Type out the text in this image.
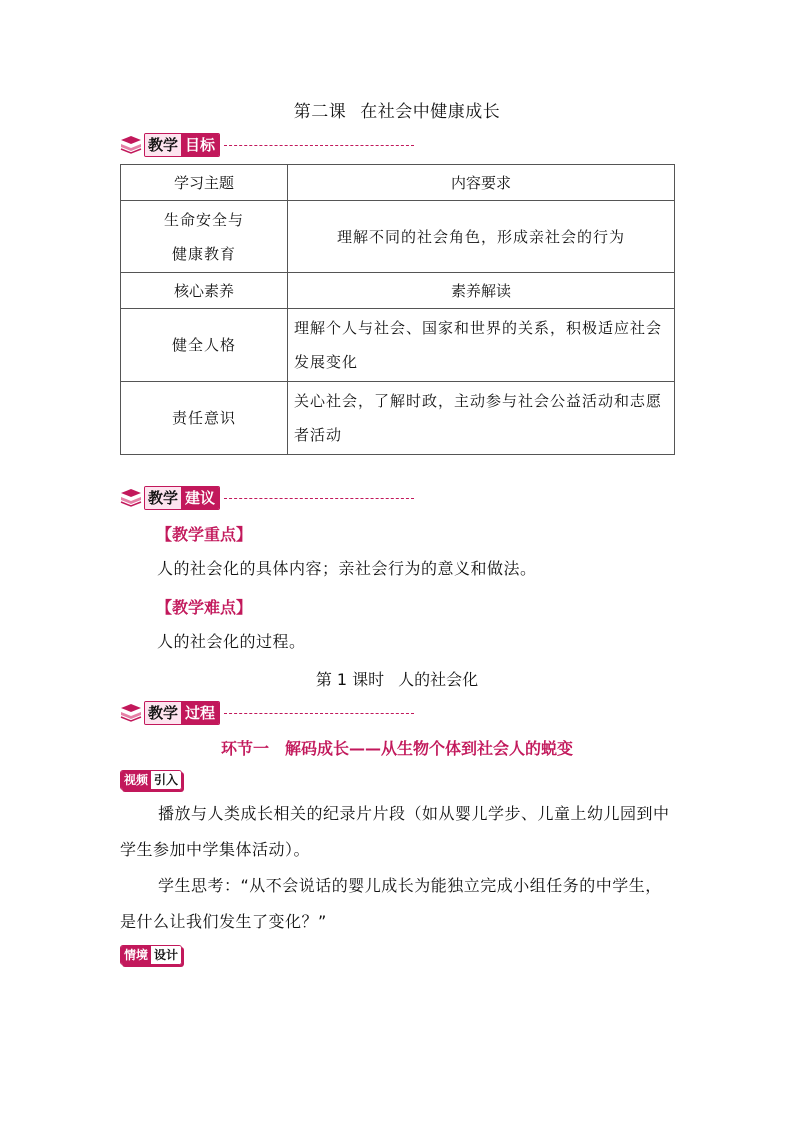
第二课 在社会中健康成长
教学 目标
学习主题	内容要求

生命安全与
健康教育	理解不同的社会角色，形成亲社会的行为
核心素养	素养解读
健全人格	理解个人与社会、国家和世界的关系，积极适应社会发展变化
责任意识	关心社会，了解时政，主动参与社会公益活动和志愿者活动
教学 建议
【教学重点】
人的社会化的具体内容；亲社会行为的意义和做法。
【教学难点】
人的社会化的过程。
第 1 课时 人的社会化
教学 过程
环节一　解码成长——从生物个体到社会人的蜕变
视频 引入
播放与人类成长相关的纪录片片段（如从婴儿学步、儿童上幼儿园到中学生参加中学集体活动）。
学生思考：“从不会说话的婴儿成长为能独立完成小组任务的中学生，是什么让我们发生了变化？”
情境 设计
